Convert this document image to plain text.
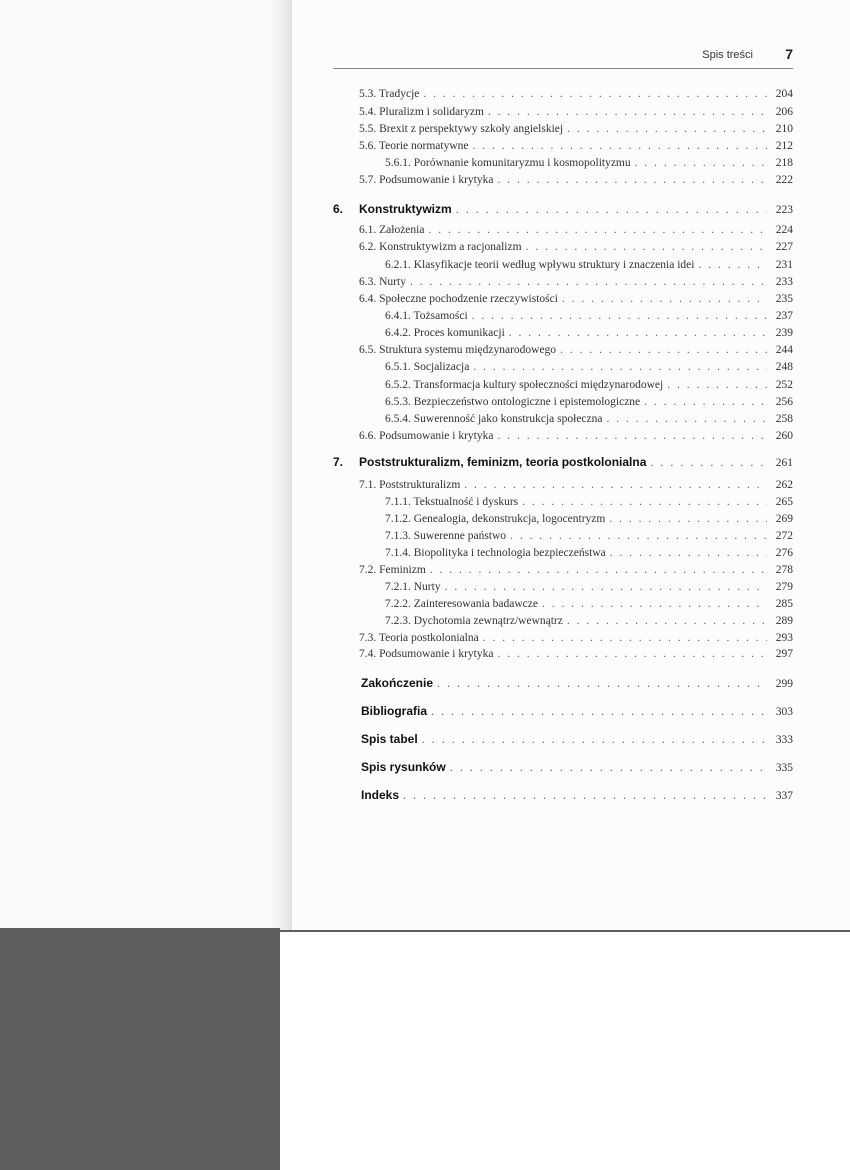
Spis treści 7
5.3. Tradycje . . .	204
5.4. Pluralizm i solidaryzm . . .	206
5.5. Brexit z perspektywy szkoły angielskiej . . .	210
5.6. Teorie normatywne . . .	212
5.6.1. Porównanie komunitaryzmu i kosmopolityzmu . . .	218
5.7. Podsumowanie i krytyka . . .	222
6. Konstruktywizm . . .	223
6.1. Założenia . . .	224
6.2. Konstruktywizm a racjonalizm . . .	227
6.2.1. Klasyfikacje teorii według wpływu struktury i znaczenia idei . . .	231
6.3. Nurty . . .	233
6.4. Społeczne pochodzenie rzeczywistości . . .	235
6.4.1. Tożsamości . . .	237
6.4.2. Proces komunikacji . . .	239
6.5. Struktura systemu międzynarodowego . . .	244
6.5.1. Socjalizacja . . .	248
6.5.2. Transformacja kultury społeczności międzynarodowej . . .	252
6.5.3. Bezpieczeństwo ontologiczne i epistemologiczne . . .	256
6.5.4. Suwerenność jako konstrukcja społeczna . . .	258
6.6. Podsumowanie i krytyka . . .	260
7. Poststrukturalizm, feminizm, teoria postkolonialna . . .	261
7.1. Poststrukturalizm . . .	262
7.1.1. Tekstualność i dyskurs . . .	265
7.1.2. Genealogia, dekonstrukcja, logocentryzm . . .	269
7.1.3. Suwerenne państwo . . .	272
7.1.4. Biopolityka i technologia bezpieczeństwa . . .	276
7.2. Feminizm . . .	278
7.2.1. Nurty . . .	279
7.2.2. Zainteresowania badawcze . . .	285
7.2.3. Dychotomia zewnątrz/wewnątrz . . .	289
7.3. Teoria postkolonialna . . .	293
7.4. Podsumowanie i krytyka . . .	297
Zakończenie . . .	299
Bibliografia . . .	303
Spis tabel . . .	333
Spis rysunków . . .	335
Indeks . . .	337
